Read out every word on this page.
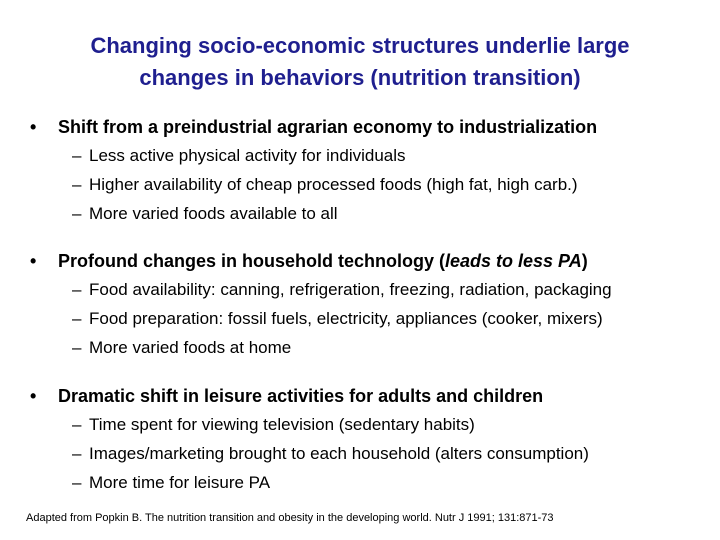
Changing socio-economic structures underlie large
changes in behaviors (nutrition transition)
• Shift from a preindustrial agrarian economy to industrialization
– Less active physical activity for individuals
– Higher availability of cheap processed foods (high fat, high carb.)
– More varied foods available to all
• Profound changes in household technology (leads to less PA)
– Food availability: canning, refrigeration, freezing, radiation, packaging
– Food preparation: fossil fuels, electricity, appliances (cooker, mixers)
– More varied foods at home
• Dramatic shift in leisure activities for adults and children
– Time spent for viewing television (sedentary habits)
– Images/marketing brought to each household (alters consumption)
– More time for leisure PA
Adapted from Popkin B. The nutrition transition and obesity in the developing world. Nutr J 1991; 131:871-73
